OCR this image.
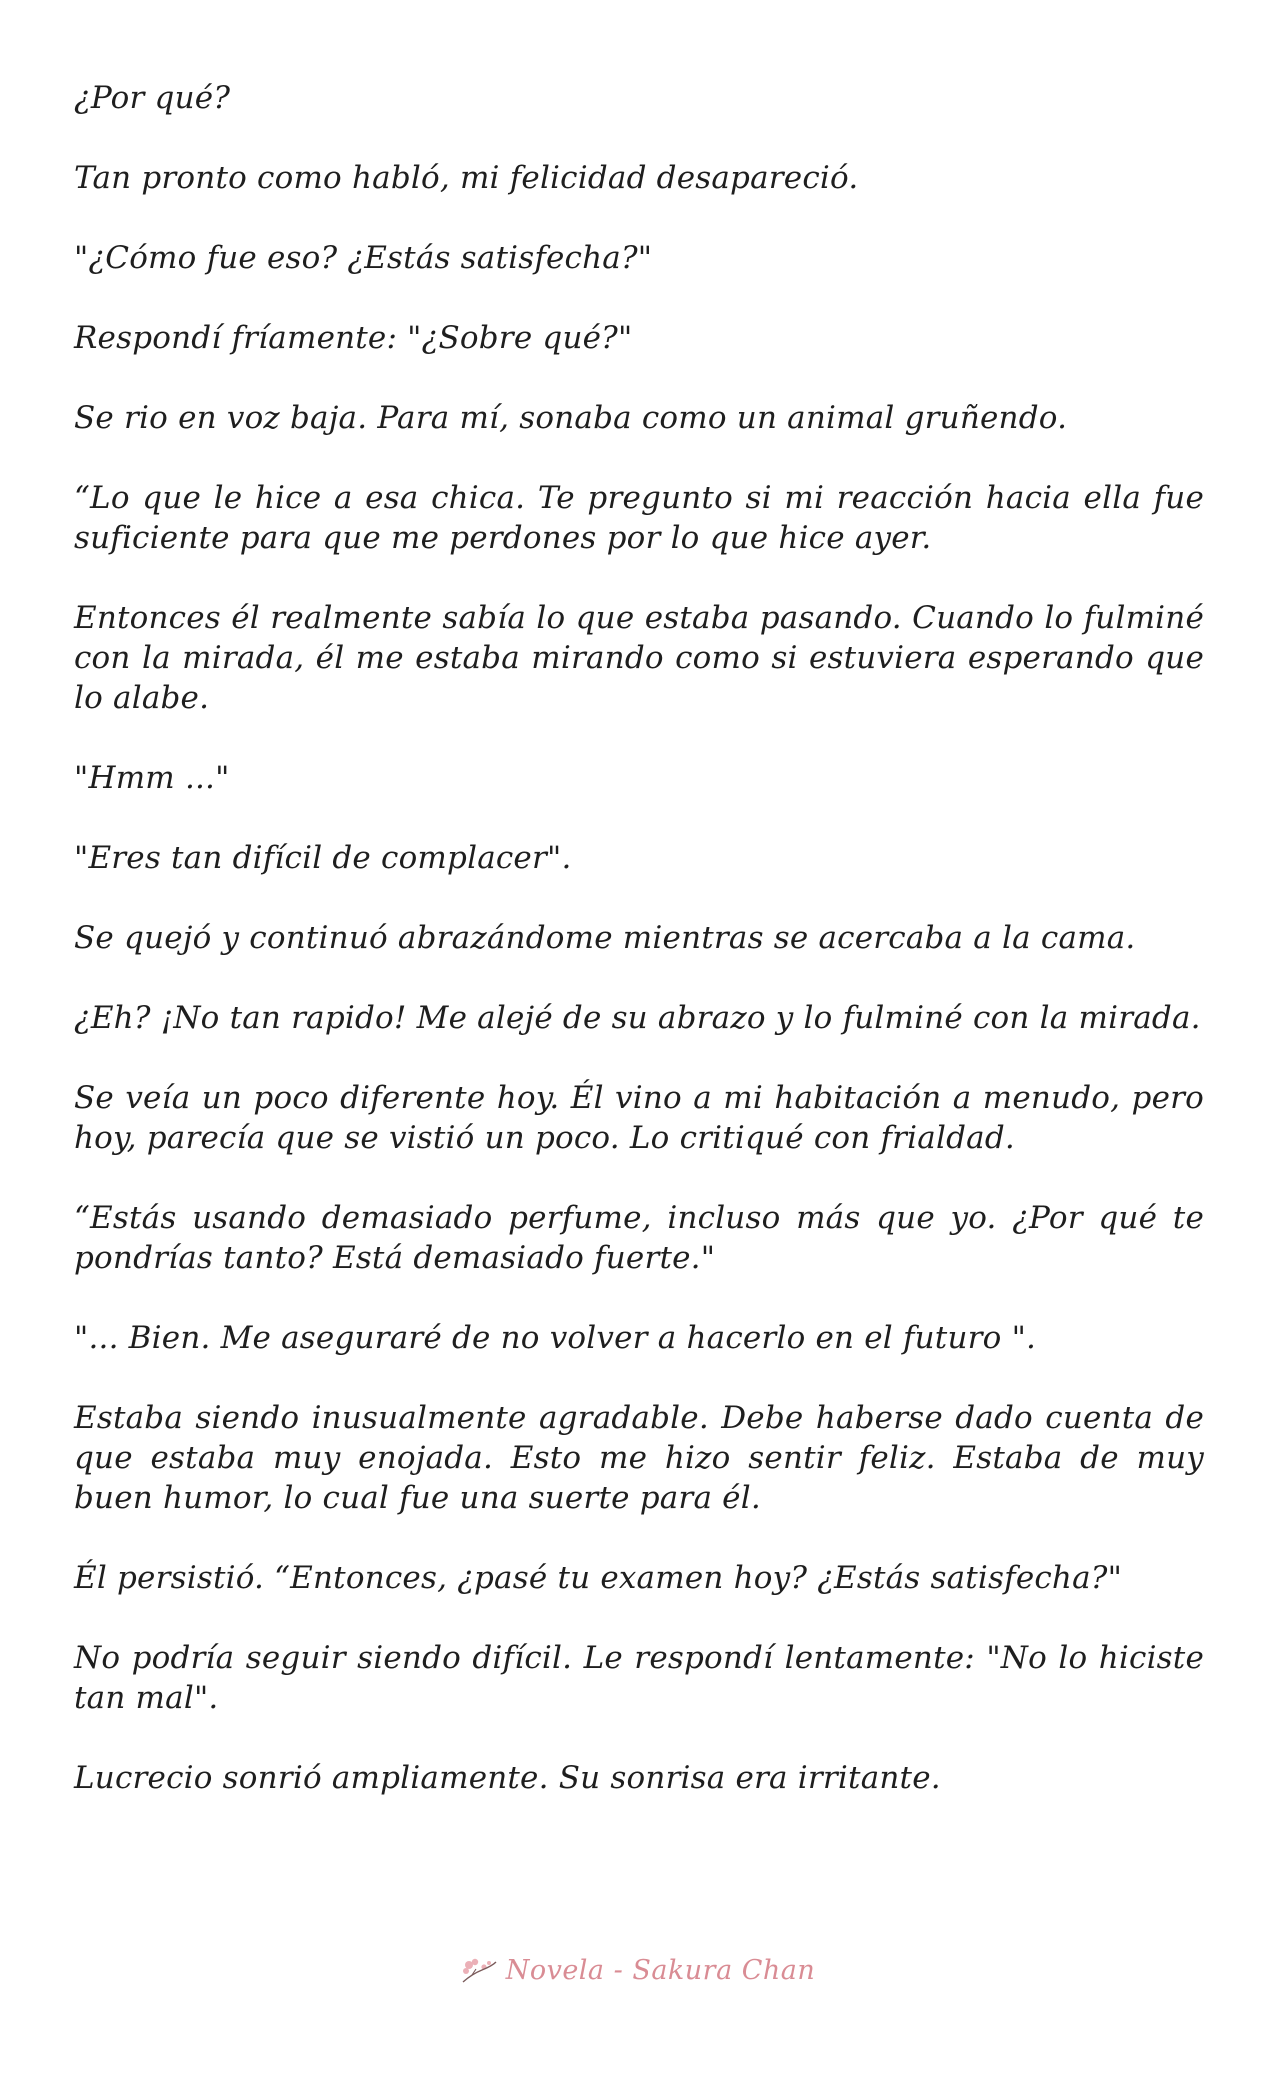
¿Por qué?

Tan pronto como habló, mi felicidad desapareció.

"¿Cómo fue eso? ¿Estás satisfecha?"

Respondí fríamente: "¿Sobre qué?"

Se rio en voz baja. Para mí, sonaba como un animal gruñendo.

“Lo que le hice a esa chica. Te pregunto si mi reacción hacia ella fue suficiente para que me perdones por lo que hice ayer.

Entonces él realmente sabía lo que estaba pasando. Cuando lo fulminé con la mirada, él me estaba mirando como si estuviera esperando que lo alabe.

"Hmm ..."

"Eres tan difícil de complacer".

Se quejó y continuó abrazándome mientras se acercaba a la cama.

¿Eh? ¡No tan rapido! Me alejé de su abrazo y lo fulminé con la mirada.

Se veía un poco diferente hoy. Él vino a mi habitación a menudo, pero hoy, parecía que se vistió un poco. Lo critiqué con frialdad.

“Estás usando demasiado perfume, incluso más que yo. ¿Por qué te pondrías tanto? Está demasiado fuerte."

"... Bien. Me aseguraré de no volver a hacerlo en el futuro ".

Estaba siendo inusualmente agradable. Debe haberse dado cuenta de que estaba muy enojada. Esto me hizo sentir feliz. Estaba de muy buen humor, lo cual fue una suerte para él.

Él persistió. “Entonces, ¿pasé tu examen hoy? ¿Estás satisfecha?"

No podría seguir siendo difícil. Le respondí lentamente: "No lo hiciste tan mal".

Lucrecio sonrió ampliamente. Su sonrisa era irritante.

Novela - Sakura Chan
